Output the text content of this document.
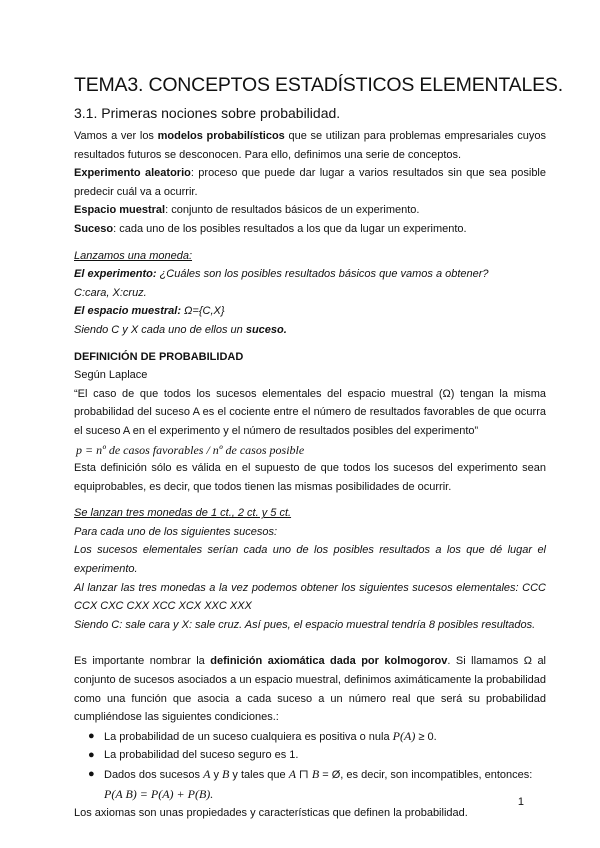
TEMA3. CONCEPTOS ESTADÍSTICOS ELEMENTALES.
3.1. Primeras nociones sobre probabilidad.

Vamos a ver los modelos probabilísticos que se utilizan para problemas empresariales cuyos resultados futuros se desconocen. Para ello, definimos una serie de conceptos.

Experimento aleatorio: proceso que puede dar lugar a varios resultados sin que sea posible predecir cuál va a ocurrir.

Espacio muestral: conjunto de resultados básicos de un experimento.

Suceso: cada uno de los posibles resultados a los que da lugar un experimento.

Lanzamos una moneda:

El experimento: ¿Cuáles son los posibles resultados básicos que vamos a obtener?

C:cara, X:cruz.

El espacio muestral: Ω={C,X}

Siendo C y X cada uno de ellos un suceso.

DEFINICIÓN DE PROBABILIDAD

Según Laplace

“El caso de que todos los sucesos elementales del espacio muestral (Ω) tengan la misma probabilidad del suceso A es el cociente entre el número de resultados favorables de que ocurra el suceso A en el experimento y el número de resultados posibles del experimento”

p = nº de casos favorables / nº de casos posible

Esta definición sólo es válida en el supuesto de que todos los sucesos del experimento sean equiprobables, es decir, que todos tienen las mismas posibilidades de ocurrir.

Se lanzan tres monedas de 1 ct., 2 ct. y 5 ct.

Para cada uno de los siguientes sucesos:

Los sucesos elementales serían cada uno de los posibles resultados a los que dé lugar el experimento.

Al lanzar las tres monedas a la vez podemos obtener los siguientes sucesos elementales: CCC CCX CXC CXX XCC XCX XXC XXX

Siendo C: sale cara y X: sale cruz. Así pues, el espacio muestral tendría 8 posibles resultados.

Es importante nombrar la definición axiomática dada por kolmogorov. Si llamamos Ω al conjunto de sucesos asociados a un espacio muestral, definimos aximáticamente la probabilidad como una función que asocia a cada suceso a un número real que será su probabilidad cumpliéndose las siguientes condiciones.:

● La probabilidad de un suceso cualquiera es positiva o nula P(A) ≥ 0.
● La probabilidad del suceso seguro es 1.
● Dados dos sucesos A y B y tales que A ⊓ B = Ø, es decir, son incompatibles, entonces:
P(A B) = P(A) + P(B).

Los axiomas son unas propiedades y características que definen la probabilidad.

1
